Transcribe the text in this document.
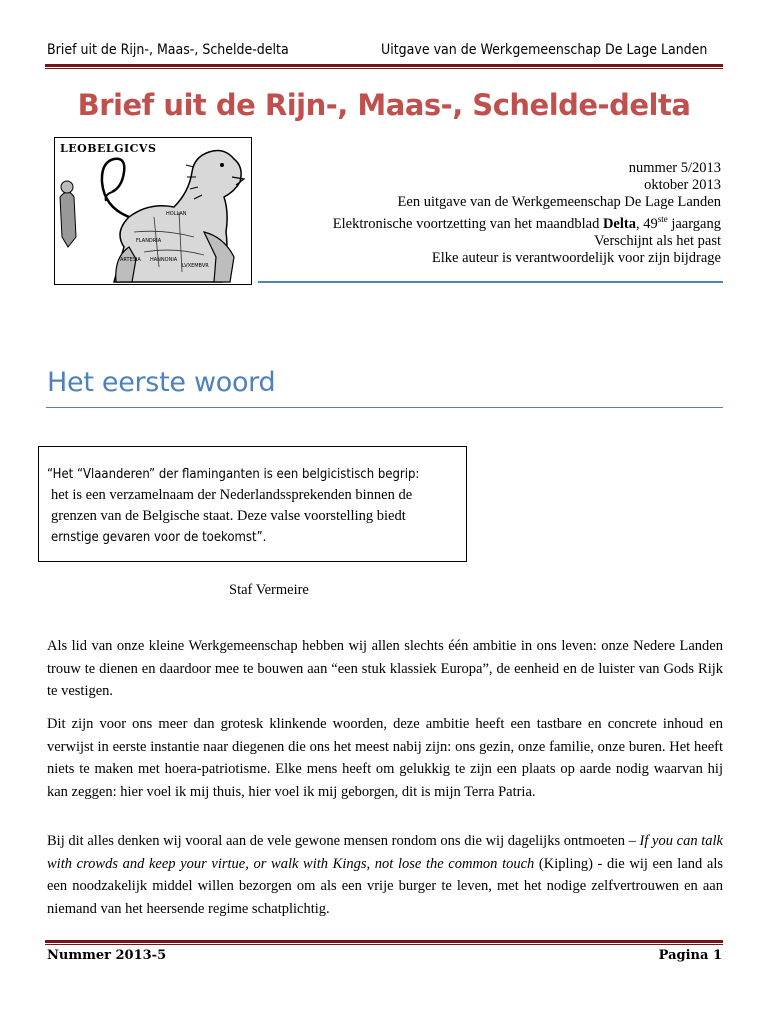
Brief uit de Rijn-, Maas-, Schelde-delta	Uitgave van de Werkgemeenschap De Lage Landen
Brief uit de Rijn-, Maas-, Schelde-delta
LEOBELGICVS
HOLLAN
FLANDRIA
ARTESIA HANNONIA
LVXEMBVR
nummer 5/2013
oktober 2013
Een uitgave van de Werkgemeenschap De Lage Landen
Elektronische voortzetting van het maandblad Delta, 49ste jaargang
Verschijnt als het past
Elke auteur is verantwoordelijk voor zijn bijdrage
Het eerste woord
“Het “Vlaanderen” der flaminganten is een belgicistisch begrip:
het is een verzamelnaam der Nederlandssprekenden binnen de
grenzen van de Belgische staat. Deze valse voorstelling biedt
ernstige gevaren voor de toekomst”.
Staf Vermeire
Als lid van onze kleine Werkgemeenschap hebben wij allen slechts één ambitie in ons leven: onze Nedere Landen trouw te dienen en daardoor mee te bouwen aan “een stuk klassiek Europa”, de eenheid en de luister van Gods Rijk te vestigen.
Dit zijn voor ons meer dan grotesk klinkende woorden, deze ambitie heeft een tastbare en concrete inhoud en verwijst in eerste instantie naar diegenen die ons het meest nabij zijn: ons gezin, onze familie, onze buren. Het heeft niets te maken met hoera-patriotisme. Elke mens heeft om gelukkig te zijn een plaats op aarde nodig waarvan hij kan zeggen: hier voel ik mij thuis, hier voel ik mij geborgen, dit is mijn Terra Patria.
Bij dit alles denken wij vooral aan de vele gewone mensen rondom ons die wij dagelijks ontmoeten – If you can talk with crowds and keep your virtue, or walk with Kings, not lose the common touch (Kipling) - die wij een land als een noodzakelijk middel willen bezorgen om als een vrije burger te leven, met het nodige zelfvertrouwen en aan niemand van het heersende regime schatplichtig.
Nummer 2013-5	Pagina 1
